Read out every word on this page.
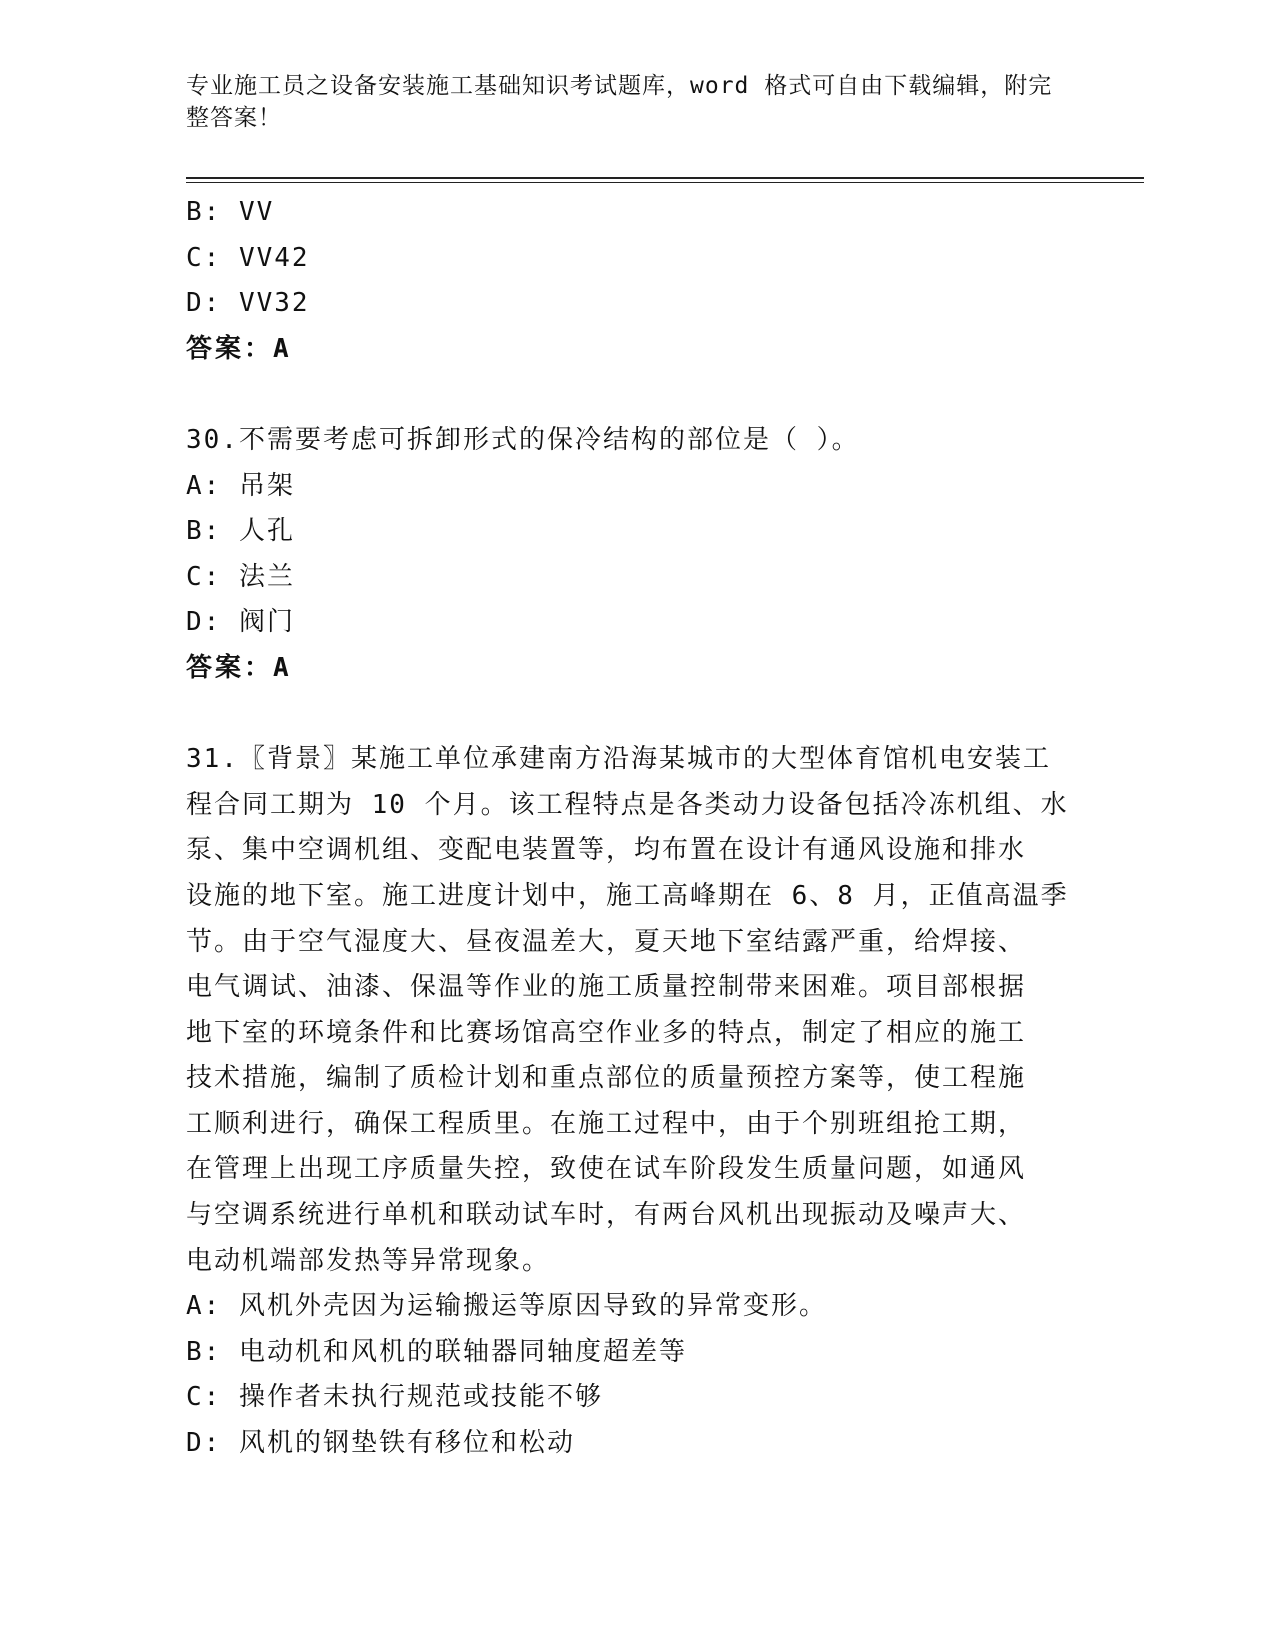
专业施工员之设备安装施工基础知识考试题库，word 格式可自由下载编辑，附完整答案！
B: VV
C: VV42
D: VV32
答案：A
30.不需要考虑可拆卸形式的保冷结构的部位是（ ）。
A: 吊架
B: 人孔
C: 法兰
D: 阀门
答案：A
31.〖背景〗某施工单位承建南方沿海某城市的大型体育馆机电安装工
程合同工期为 10 个月。该工程特点是各类动力设备包括冷冻机组、水
泵、集中空调机组、变配电装置等，均布置在设计有通风设施和排水
设施的地下室。施工进度计划中，施工高峰期在 6、8 月，正值高温季
节。由于空气湿度大、昼夜温差大，夏天地下室结露严重，给焊接、
电气调试、油漆、保温等作业的施工质量控制带来困难。项目部根据
地下室的环境条件和比赛场馆高空作业多的特点，制定了相应的施工
技术措施，编制了质检计划和重点部位的质量预控方案等，使工程施
工顺利进行，确保工程质里。在施工过程中，由于个别班组抢工期，
在管理上出现工序质量失控，致使在试车阶段发生质量问题，如通风
与空调系统进行单机和联动试车时，有两台风机出现振动及噪声大、
电动机端部发热等异常现象。
A: 风机外壳因为运输搬运等原因导致的异常变形。
B: 电动机和风机的联轴器同轴度超差等
C: 操作者未执行规范或技能不够
D: 风机的钢垫铁有移位和松动
